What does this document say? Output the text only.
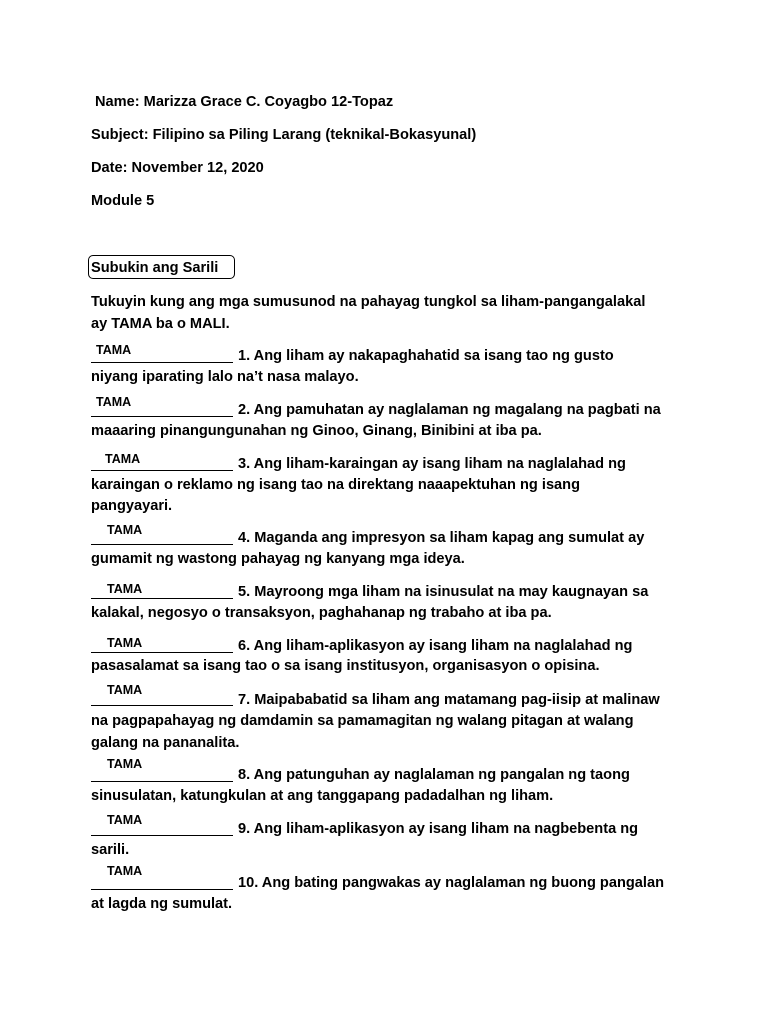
Name: Marizza Grace C. Coyagbo 12-Topaz
Subject: Filipino sa Piling Larang (teknikal-Bokasyunal)
Date: November 12, 2020
Module 5
Subukin ang Sarili
Tukuyin kung ang mga sumusunod na pahayag tungkol sa liham-pangangalakal
ay TAMA ba o MALI.
TAMA	1. Ang liham ay nakapaghahatid sa isang tao ng gusto
niyang iparating lalo na’t nasa malayo.
TAMA	2. Ang pamuhatan ay naglalaman ng magalang na pagbati na
maaaring pinangungunahan ng Ginoo, Ginang, Binibini at iba pa.
TAMA	3. Ang liham-karaingan ay isang liham na naglalahad ng
karaingan o reklamo ng isang tao na direktang naaapektuhan ng isang
pangyayari.
TAMA	4. Maganda ang impresyon sa liham kapag ang sumulat ay
gumamit ng wastong pahayag ng kanyang mga ideya.
TAMA	5. Mayroong mga liham na isinusulat na may kaugnayan sa
kalakal, negosyo o transaksyon, paghahanap ng trabaho at iba pa.
TAMA	6. Ang liham-aplikasyon ay isang liham na naglalahad ng
pasasalamat sa isang tao o sa isang institusyon, organisasyon o opisina.
TAMA
7. Maipababatid sa liham ang matamang pag-iisip at malinaw
na pagpapahayag ng damdamin sa pamamagitan ng walang pitagan at walang
galang na pananalita.
TAMA
8. Ang patunguhan ay naglalaman ng pangalan ng taong
sinusulatan, katungkulan at ang tanggapang padadalhan ng liham.
TAMA
9. Ang liham-aplikasyon ay isang liham na nagbebenta ng
sarili.
TAMA
10. Ang bating pangwakas ay naglalaman ng buong pangalan
at lagda ng sumulat.
